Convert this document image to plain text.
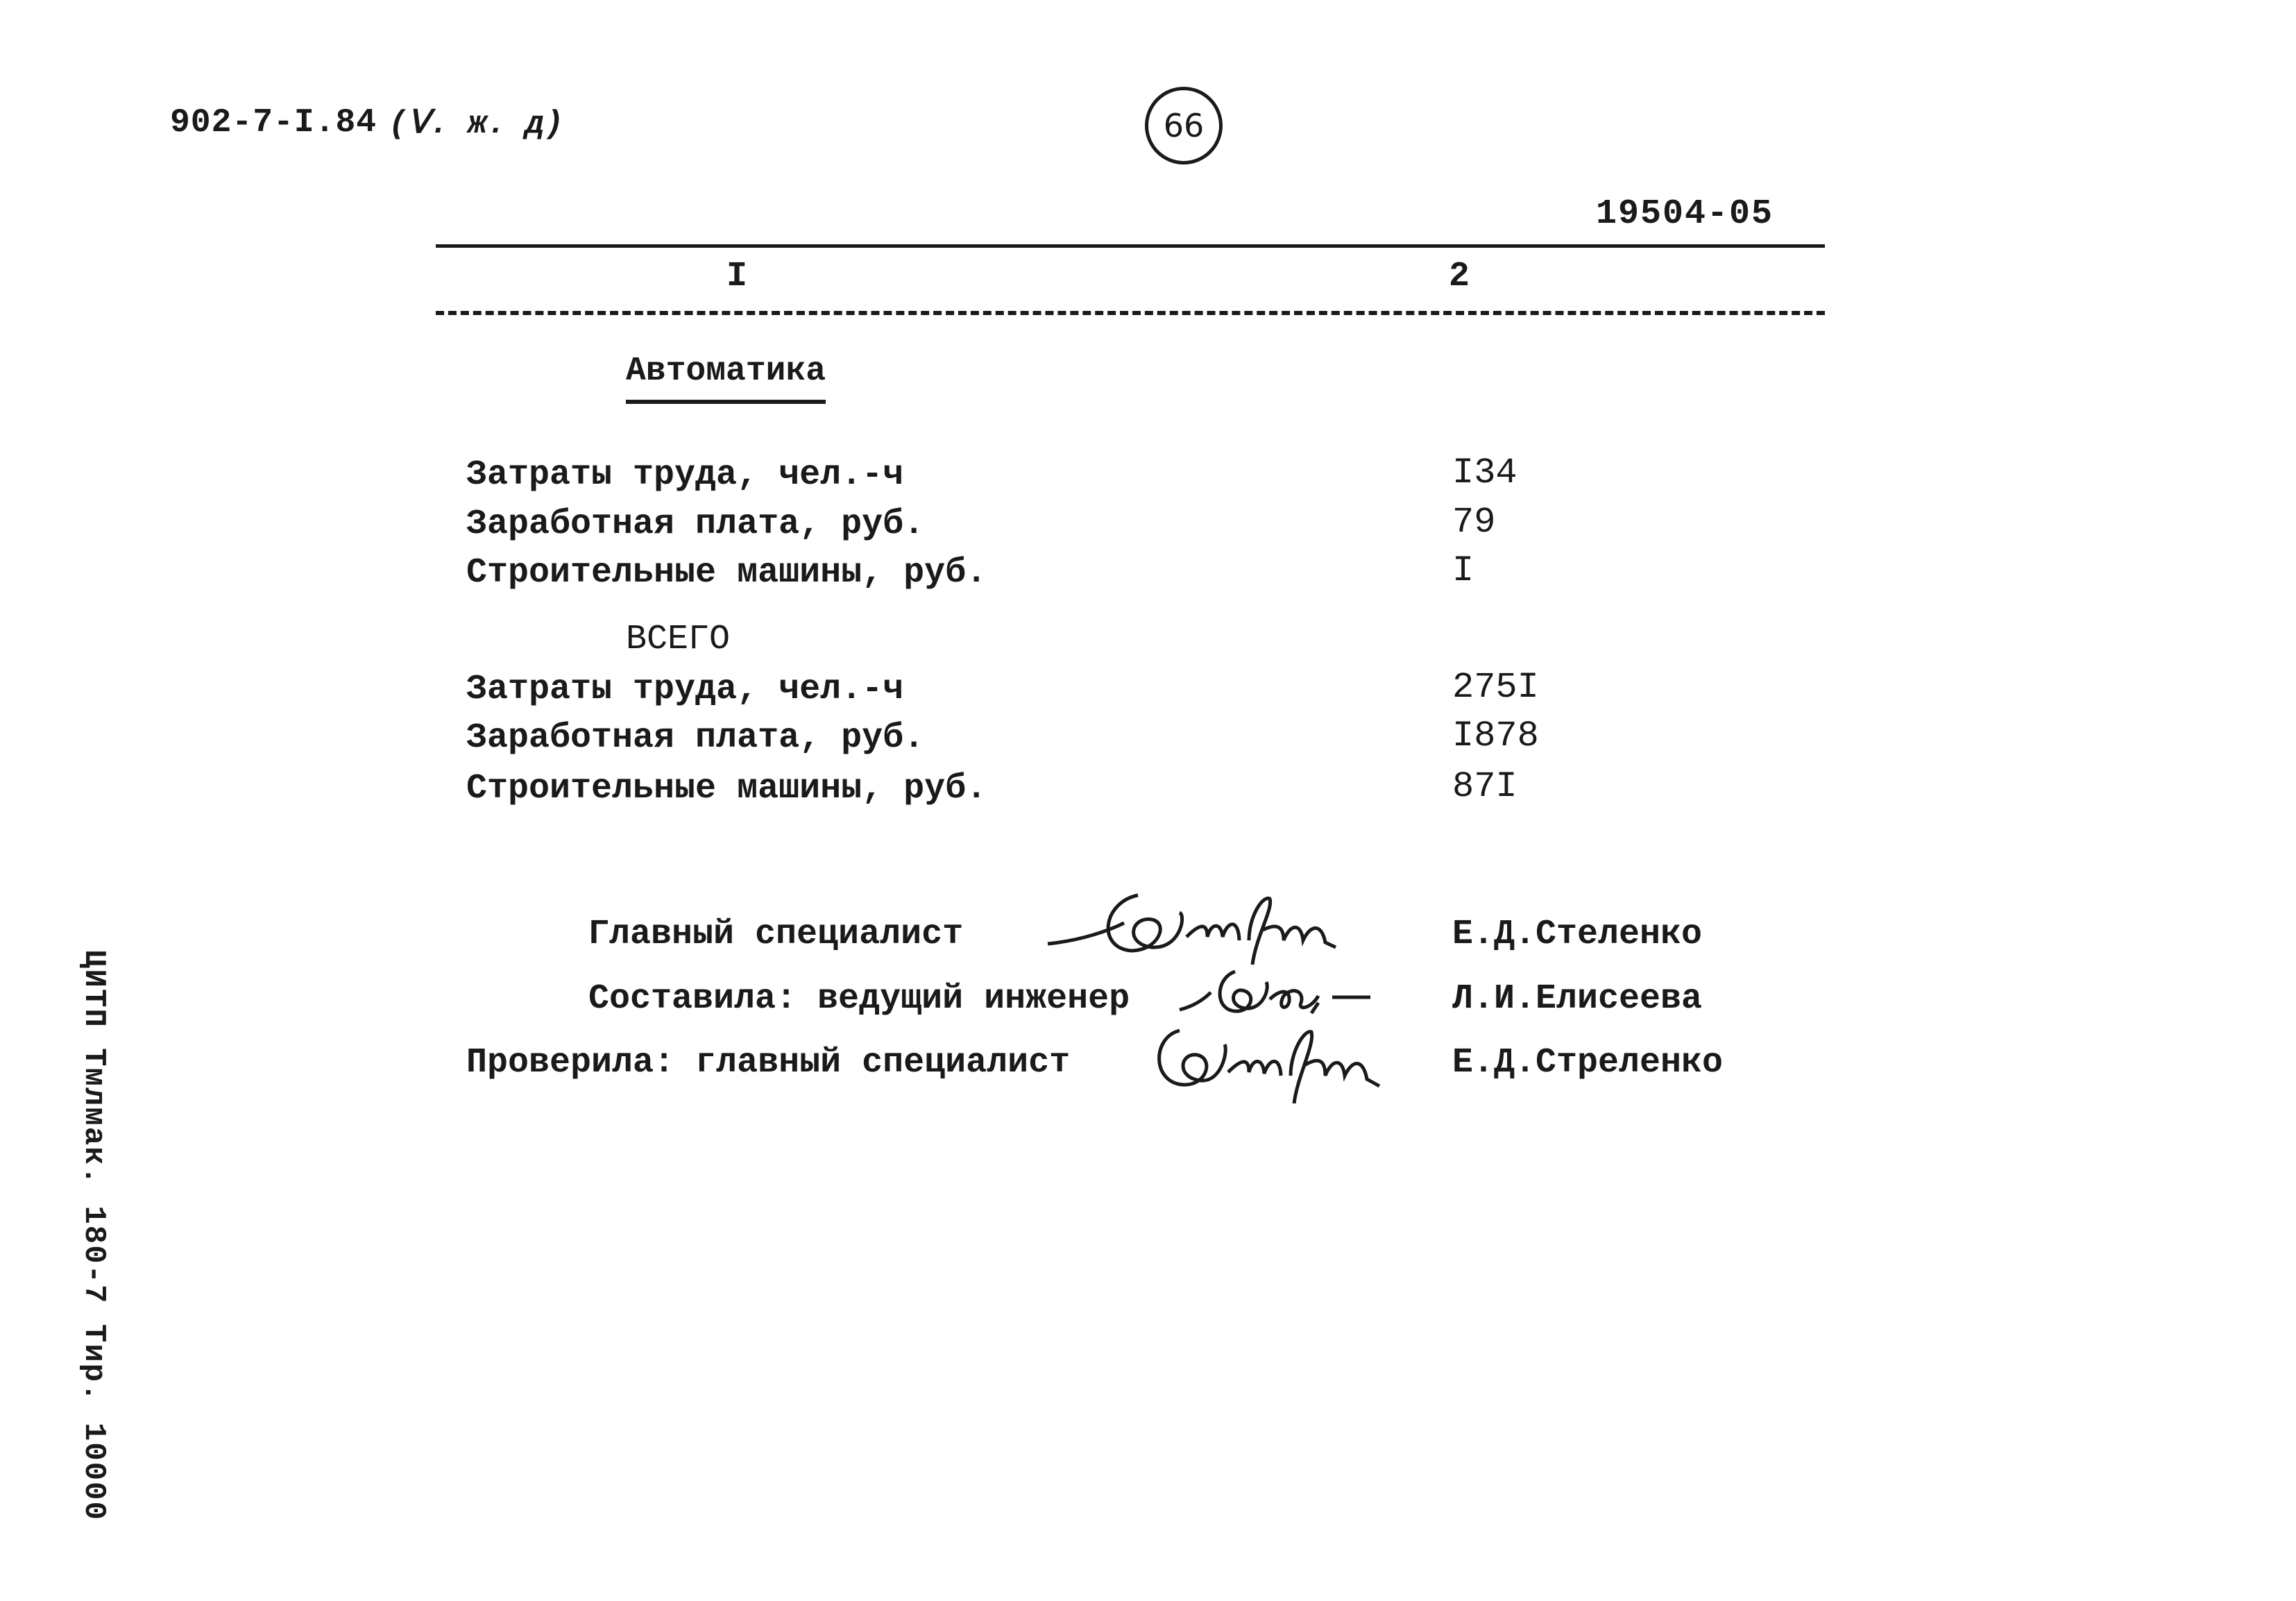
902-7-I.84 (Ⅴ. ж. д)	66
19504-05
I	2
Автоматика
Затраты труда, чел.-ч	I34
Заработная плата, руб.	79
Строительные машины, руб.	I
ВСЕГО
Затраты труда, чел.-ч	275I
Заработная плата, руб.	I878
Строительные машины, руб.	87I
Главный специалист	Е.Д.Стеленко
Составила: ведущий инженер	Л.И.Елисеева
Проверила: главный специалист	Е.Д.Стреленко
ЦИТП Тмлмак. 180-7 Тир. 10000
